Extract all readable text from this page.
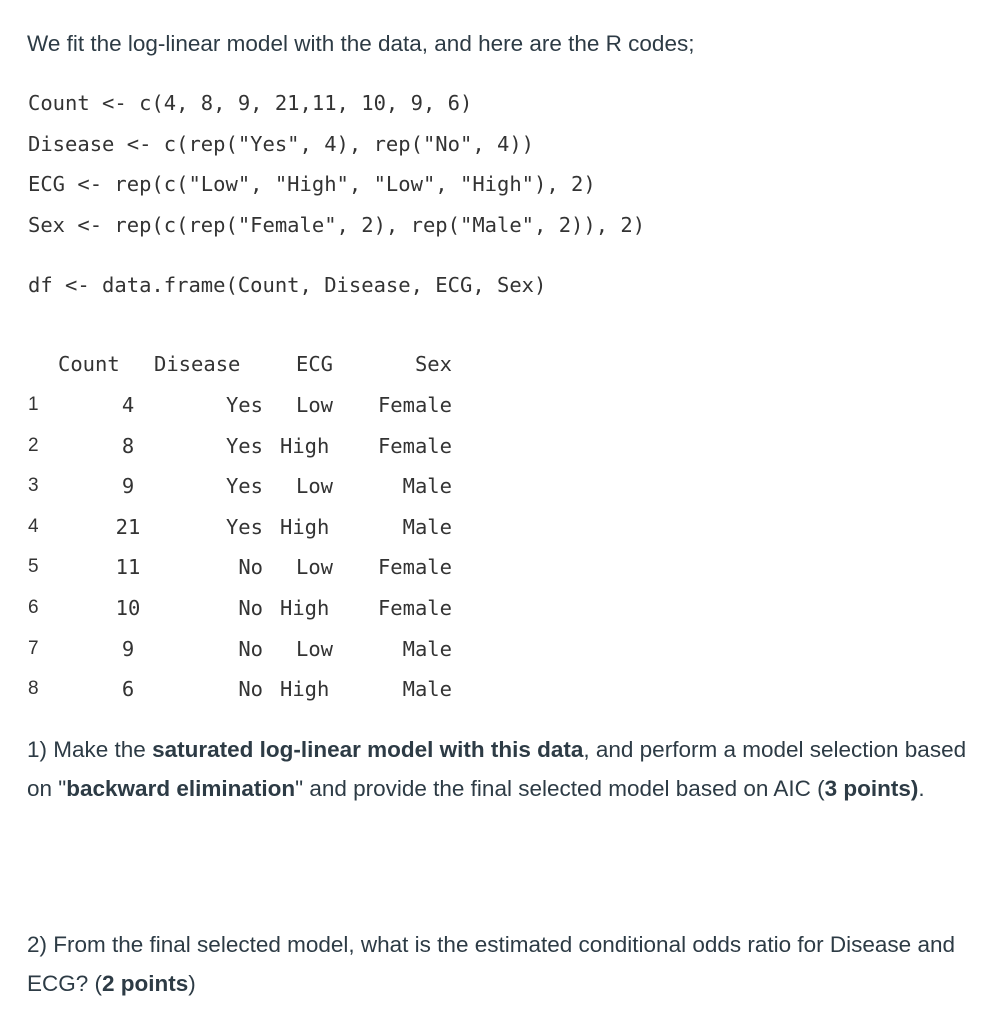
We fit the log-linear model with the data, and here are the R codes;

Count <- c(4, 8, 9, 21,11, 10, 9, 6)
Disease <- c(rep("Yes", 4), rep("No", 4))
ECG <- rep(c("Low", "High", "Low", "High"), 2)
Sex <- rep(c(rep("Female", 2), rep("Male", 2)), 2)
df <- data.frame(Count, Disease, ECG, Sex)
Count Disease	ECG	Sex
1	4	Yes Low	Female
2	8	Yes High	Female
3	9	Yes Low	Male
4	21	Yes High	Male
5	11	No Low	Female
6	10	No High	Female
7	9	No Low	Male
8	6	No High	Male

1) Make the saturated log-linear model with this data, and perform a model selection based on "backward elimination" and provide the final selected model based on AIC (3 points).

2) From the final selected model, what is the estimated conditional odds ratio for Disease and ECG? (2 points)
